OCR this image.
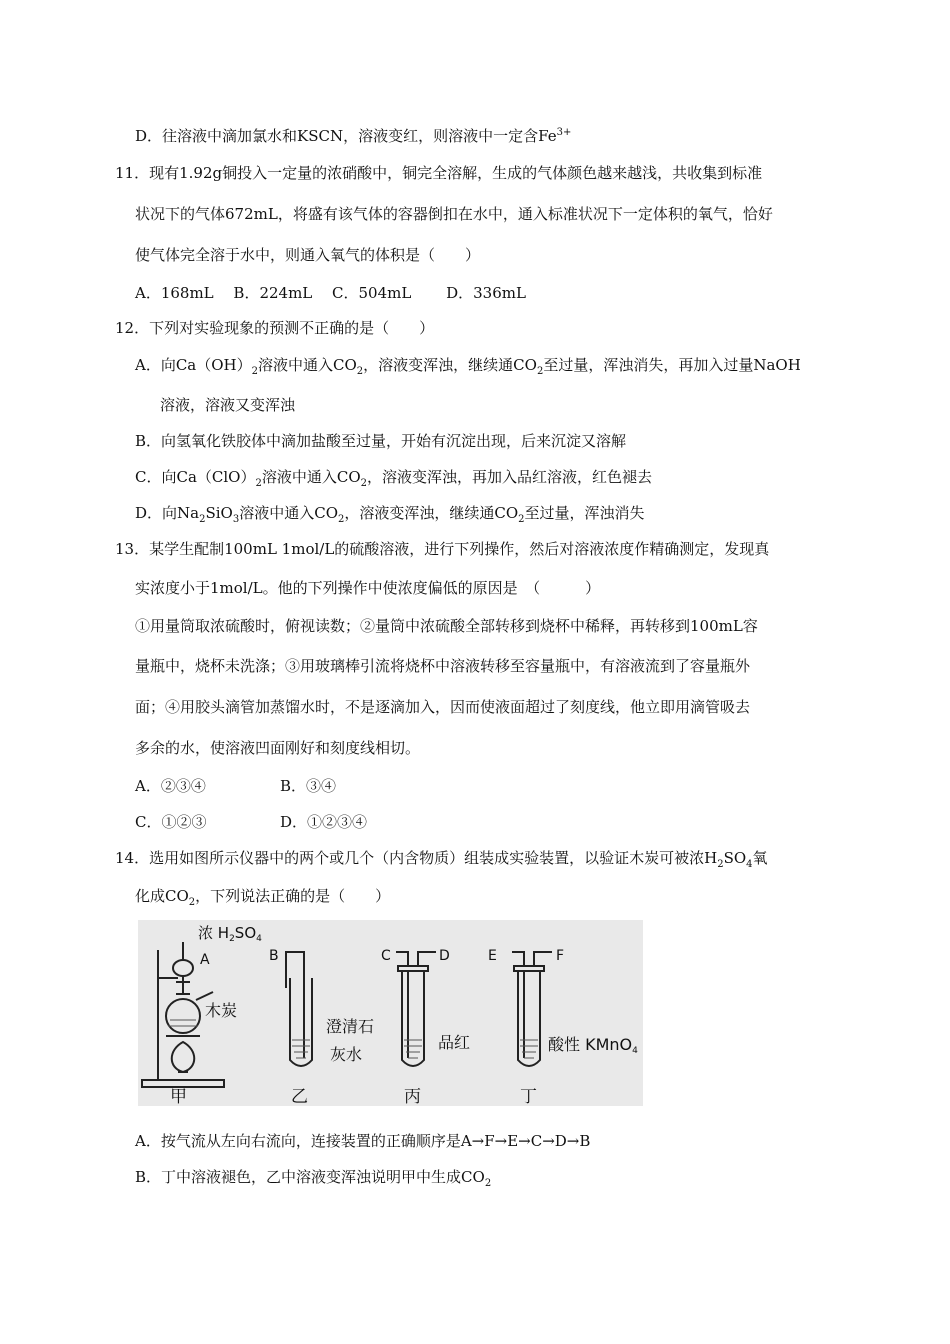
D．往溶液中滴加氯水和KSCN，溶液变红，则溶液中一定含$Fe^{3+}$
11．现有1.92g铜投入一定量的浓硝酸中，铜完全溶解，生成的气体颜色越来越浅，共收集到标准
状况下的气体672mL，将盛有该气体的容器倒扣在水中，通入标准状况下一定体积的氧气，恰好
使气体完全溶于水中，则通入氧气的体积是（　　）
A．168mL　 B．224mL　 C．504mL　　 D．336mL
12．下列对实验现象的预测不正确的是（　　）
A．向$Ca(OH)_2$溶液中通入$CO_2$，溶液变浑浊，继续通$CO_2$至过量，浑浊消失，再加入过量NaOH
溶液，溶液又变浑浊
B．向氢氧化铁胶体中滴加盐酸至过量，开始有沉淀出现，后来沉淀又溶解
C．向$Ca(ClO)_2$溶液中通入$CO_2$，溶液变浑浊，再加入品红溶液，红色褪去
D．向$Na_2SiO_3$溶液中通入$CO_2$，溶液变浑浊，继续通$CO_2$至过量，浑浊消失
13．某学生配制100mL 1mol/L的硫酸溶液，进行下列操作，然后对溶液浓度作精确测定，发现真
实浓度小于1mol/L。他的下列操作中使浓度偏低的原因是　（　　　）
①用量筒取浓硫酸时，俯视读数；②量筒中浓硫酸全部转移到烧杯中稀释，再转移到100mL容
量瓶中，烧杯未洗涤；③用玻璃棒引流将烧杯中溶液转移至容量瓶中，有溶液流到了容量瓶外
面；④用胶头滴管加蒸馏水时，不是逐滴加入，因而使液面超过了刻度线，他立即用滴管吸去
多余的水，使溶液凹面刚好和刻度线相切。
A．②③④	B．③④
C．①②③	D．①②③④
14．选用如图所示仪器中的两个或几个（内含物质）组装成实验装置，以验证木炭可被浓$H_2SO_4$氧
化成$CO_2$，下列说法正确的是（　　）
浓 $H_2SO_4$
A
木炭
B
澄清石
灰水
C	D
品红
E	F
酸性 KMnO4
甲	乙	丙	丁
A．按气流从左向右流向，连接装置的正确顺序是A→F→E→C→D→B
B．丁中溶液褪色，乙中溶液变浑浊说明甲中生成$CO_2$
